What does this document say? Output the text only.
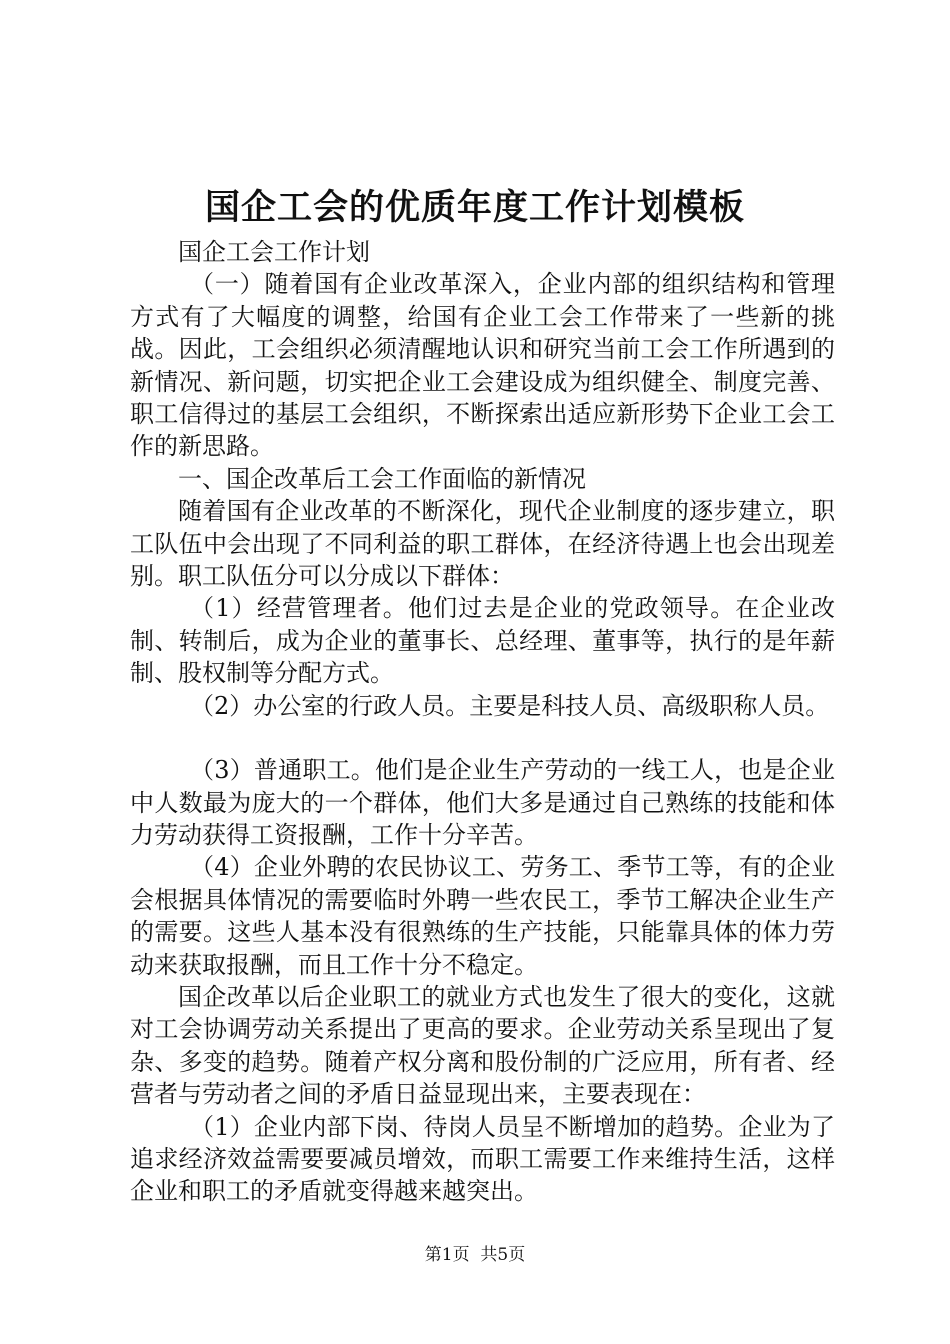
国企工会的优质年度工作计划模板

国企工会工作计划

（一）随着国有企业改革深入，企业内部的组织结构和管理方式有了大幅度的调整，给国有企业工会工作带来了一些新的挑战。因此，工会组织必须清醒地认识和研究当前工会工作所遇到的新情况、新问题，切实把企业工会建设成为组织健全、制度完善、职工信得过的基层工会组织，不断探索出适应新形势下企业工会工作的新思路。

一、国企改革后工会工作面临的新情况

随着国有企业改革的不断深化，现代企业制度的逐步建立，职工队伍中会出现了不同利益的职工群体，在经济待遇上也会出现差别。职工队伍分可以分成以下群体：

（1）经营管理者。他们过去是企业的党政领导。在企业改制、转制后，成为企业的董事长、总经理、董事等，执行的是年薪制、股权制等分配方式。

（2）办公室的行政人员。主要是科技人员、高级职称人员。

（3）普通职工。他们是企业生产劳动的一线工人，也是企业中人数最为庞大的一个群体，他们大多是通过自己熟练的技能和体力劳动获得工资报酬，工作十分辛苦。

（4）企业外聘的农民协议工、劳务工、季节工等，有的企业会根据具体情况的需要临时外聘一些农民工，季节工解决企业生产的需要。这些人基本没有很熟练的生产技能，只能靠具体的体力劳动来获取报酬，而且工作十分不稳定。

国企改革以后企业职工的就业方式也发生了很大的变化，这就对工会协调劳动关系提出了更高的要求。企业劳动关系呈现出了复杂、多变的趋势。随着产权分离和股份制的广泛应用，所有者、经营者与劳动者之间的矛盾日益显现出来，主要表现在：

（1）企业内部下岗、待岗人员呈不断增加的趋势。企业为了追求经济效益需要要减员增效，而职工需要工作来维持生活，这样企业和职工的矛盾就变得越来越突出。

第1页 共5页
